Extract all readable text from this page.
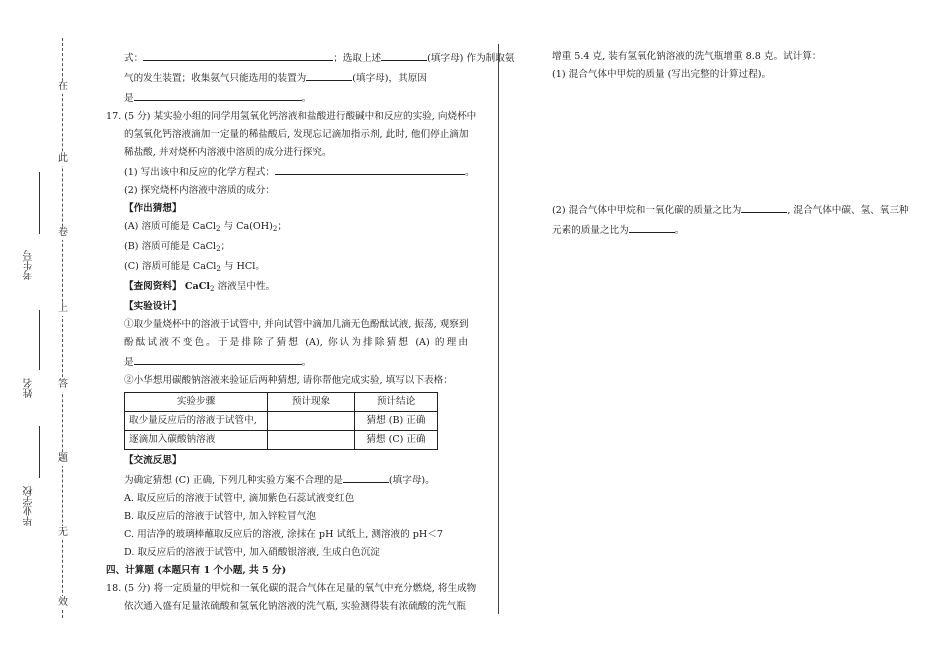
在
此
卷
上
答
题
无
效
考生号
姓名
毕业学校
式：	；选取上述	(填字母) 作为制取氨
气的发生装置；收集氨气只能选用的装置为	(填字母)，其原因
是	。
17. (5 分) 某实验小组的同学用氢氧化钙溶液和盐酸进行酸碱中和反应的实验, 向烧杯中
的氢氧化钙溶液滴加一定量的稀盐酸后, 发现忘记滴加指示剂, 此时, 他们停止滴加
稀盐酸, 并对烧杯内溶液中溶质的成分进行探究。
(1) 写出该中和反应的化学方程式：	。
(2) 探究烧杯内溶液中溶质的成分：
【作出猜想】
(A) 溶质可能是 CaCl$_2$ 与 $Ca(OH)_2$；
(B) 溶质可能是 CaCl$_2$；
(C) 溶质可能是 CaCl$_2$ 与 HCl。
【查阅资料】 CaCl$_2$ 溶液呈中性。
【实验设计】
①取少量烧杯中的溶液于试管中, 并向试管中滴加几滴无色酚酞试液, 振荡, 观察到
酚酞试液不变色。于是排除了猜想 (A), 你认为排除猜想 (A) 的理由
是	。
②小华想用碳酸钠溶液来验证后两种猜想, 请你帮他完成实验, 填写以下表格：
实验步骤	预计现象	预计结论
取少量反应后的溶液于试管中,		猜想 (B) 正确
逐滴加入碳酸钠溶液		猜想 (C) 正确
【交流反思】
为确定猜想 (C) 正确, 下列几种实验方案不合理的是	(填字母)。
A. 取反应后的溶液于试管中, 滴加紫色石蕊试液变红色
B. 取反应后的溶液于试管中, 加入锌粒冒气泡
C. 用洁净的玻璃棒蘸取反应后的溶液, 涂抹在 pH 试纸上, 测溶液的 pH＜7
D. 取反应后的溶液于试管中, 加入硝酸银溶液, 生成白色沉淀
四、计算题 (本题只有 1 个小题, 共 5 分)
18. (5 分) 将一定质量的甲烷和一氧化碳的混合气体在足量的氧气中充分燃烧, 将生成物
依次通入盛有足量浓硫酸和氢氧化钠溶液的洗气瓶, 实验测得装有浓硫酸的洗气瓶
增重 5.4 克, 装有氢氧化钠溶液的洗气瓶增重 8.8 克。试计算：
(1) 混合气体中甲烷的质量 (写出完整的计算过程)。
(2) 混合气体中甲烷和一氧化碳的质量之比为	, 混合气体中碳、氢、氧三种
元素的质量之比为	。
